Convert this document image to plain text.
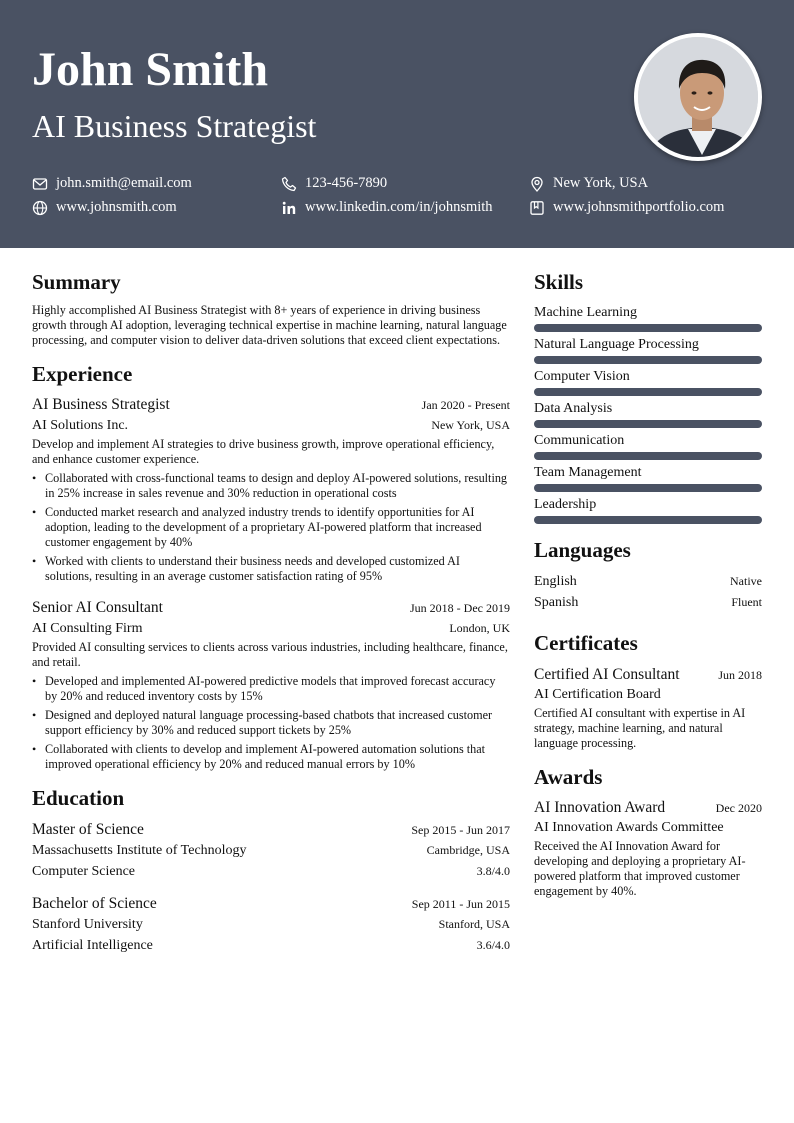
John Smith
AI Business Strategist
john.smith@email.com	123-456-7890	New York, USA
www.johnsmith.com	www.linkedin.com/in/johnsmith	www.johnsmithportfolio.com
Summary
Highly accomplished AI Business Strategist with 8+ years of experience in driving business growth through AI adoption, leveraging technical expertise in machine learning, natural language processing, and computer vision to deliver data-driven solutions that exceed client expectations.
Experience
AI Business Strategist	Jan 2020 - Present
AI Solutions Inc.	New York, USA
Develop and implement AI strategies to drive business growth, improve operational efficiency, and enhance customer experience.
• Collaborated with cross-functional teams to design and deploy AI-powered solutions, resulting in 25% increase in sales revenue and 30% reduction in operational costs
• Conducted market research and analyzed industry trends to identify opportunities for AI adoption, leading to the development of a proprietary AI-powered platform that increased customer engagement by 40%
• Worked with clients to understand their business needs and developed customized AI solutions, resulting in an average customer satisfaction rating of 95%
Senior AI Consultant	Jun 2018 - Dec 2019
AI Consulting Firm	London, UK
Provided AI consulting services to clients across various industries, including healthcare, finance, and retail.
• Developed and implemented AI-powered predictive models that improved forecast accuracy by 20% and reduced inventory costs by 15%
• Designed and deployed natural language processing-based chatbots that increased customer support efficiency by 30% and reduced support tickets by 25%
• Collaborated with clients to develop and implement AI-powered automation solutions that improved operational efficiency by 20% and reduced manual errors by 10%
Education
Master of Science	Sep 2015 - Jun 2017
Massachusetts Institute of Technology	Cambridge, USA
Computer Science	3.8/4.0
Bachelor of Science	Sep 2011 - Jun 2015
Stanford University	Stanford, USA
Artificial Intelligence	3.6/4.0
Skills
Machine Learning
Natural Language Processing
Computer Vision
Data Analysis
Communication
Team Management
Leadership
Languages
English	Native
Spanish	Fluent
Certificates
Certified AI Consultant	Jun 2018
AI Certification Board
Certified AI consultant with expertise in AI strategy, machine learning, and natural language processing.
Awards
AI Innovation Award	Dec 2020
AI Innovation Awards Committee
Received the AI Innovation Award for developing and deploying a proprietary AI-powered platform that improved customer engagement by 40%.
